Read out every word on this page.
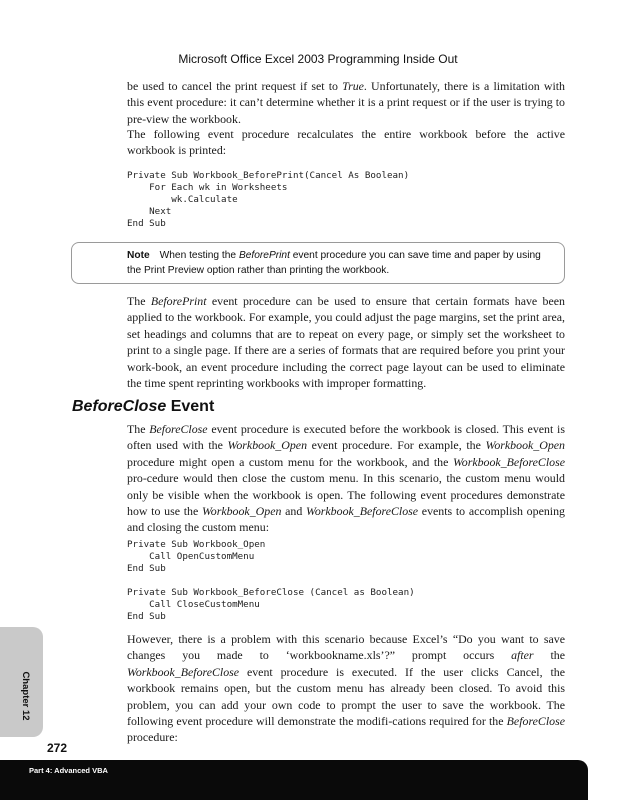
Microsoft Office Excel 2003 Programming Inside Out

be used to cancel the print request if set to True. Unfortunately, there is a limitation with this event procedure: it can’t determine whether it is a print request or if the user is trying to pre-view the workbook.

The following event procedure recalculates the entire workbook before the active workbook is printed:

Private Sub Workbook_BeforePrint(Cancel As Boolean)
For Each wk in Worksheets
wk.Calculate
Next
End Sub
Note When testing the BeforePrint event procedure you can save time and paper by using the Print Preview option rather than printing the workbook.

The BeforePrint event procedure can be used to ensure that certain formats have been applied to the workbook. For example, you could adjust the page margins, set the print area, set headings and columns that are to repeat on every page, or simply set the worksheet to print to a single page. If there are a series of formats that are required before you print your work-book, an event procedure including the correct page layout can be used to eliminate the time spent reprinting workbooks with improper formatting.

BeforeClose Event

The BeforeClose event procedure is executed before the workbook is closed. This event is often used with the Workbook_Open event procedure. For example, the Workbook_Open procedure might open a custom menu for the workbook, and the Workbook_BeforeClose pro-cedure would then close the custom menu. In this scenario, the custom menu would only be visible when the workbook is open. The following event procedures demonstrate how to use the Workbook_Open and Workbook_BeforeClose events to accomplish opening and closing the custom menu:

Private Sub Workbook_Open
Call OpenCustomMenu
End Sub
Private Sub Workbook_BeforeClose (Cancel as Boolean)
Call CloseCustomMenu
End Sub

However, there is a problem with this scenario because Excel’s “Do you want to save changes you made to ‘workbookname.xls’?” prompt occurs after the Workbook_BeforeClose event procedure is executed. If the user clicks Cancel, the workbook remains open, but the custom menu has already been closed. To avoid this problem, you can add your own code to prompt the user to save the workbook. The following event procedure will demonstrate the modifi-cations required for the BeforeClose procedure:

Chapter 12
272
Part 4: Advanced VBA
